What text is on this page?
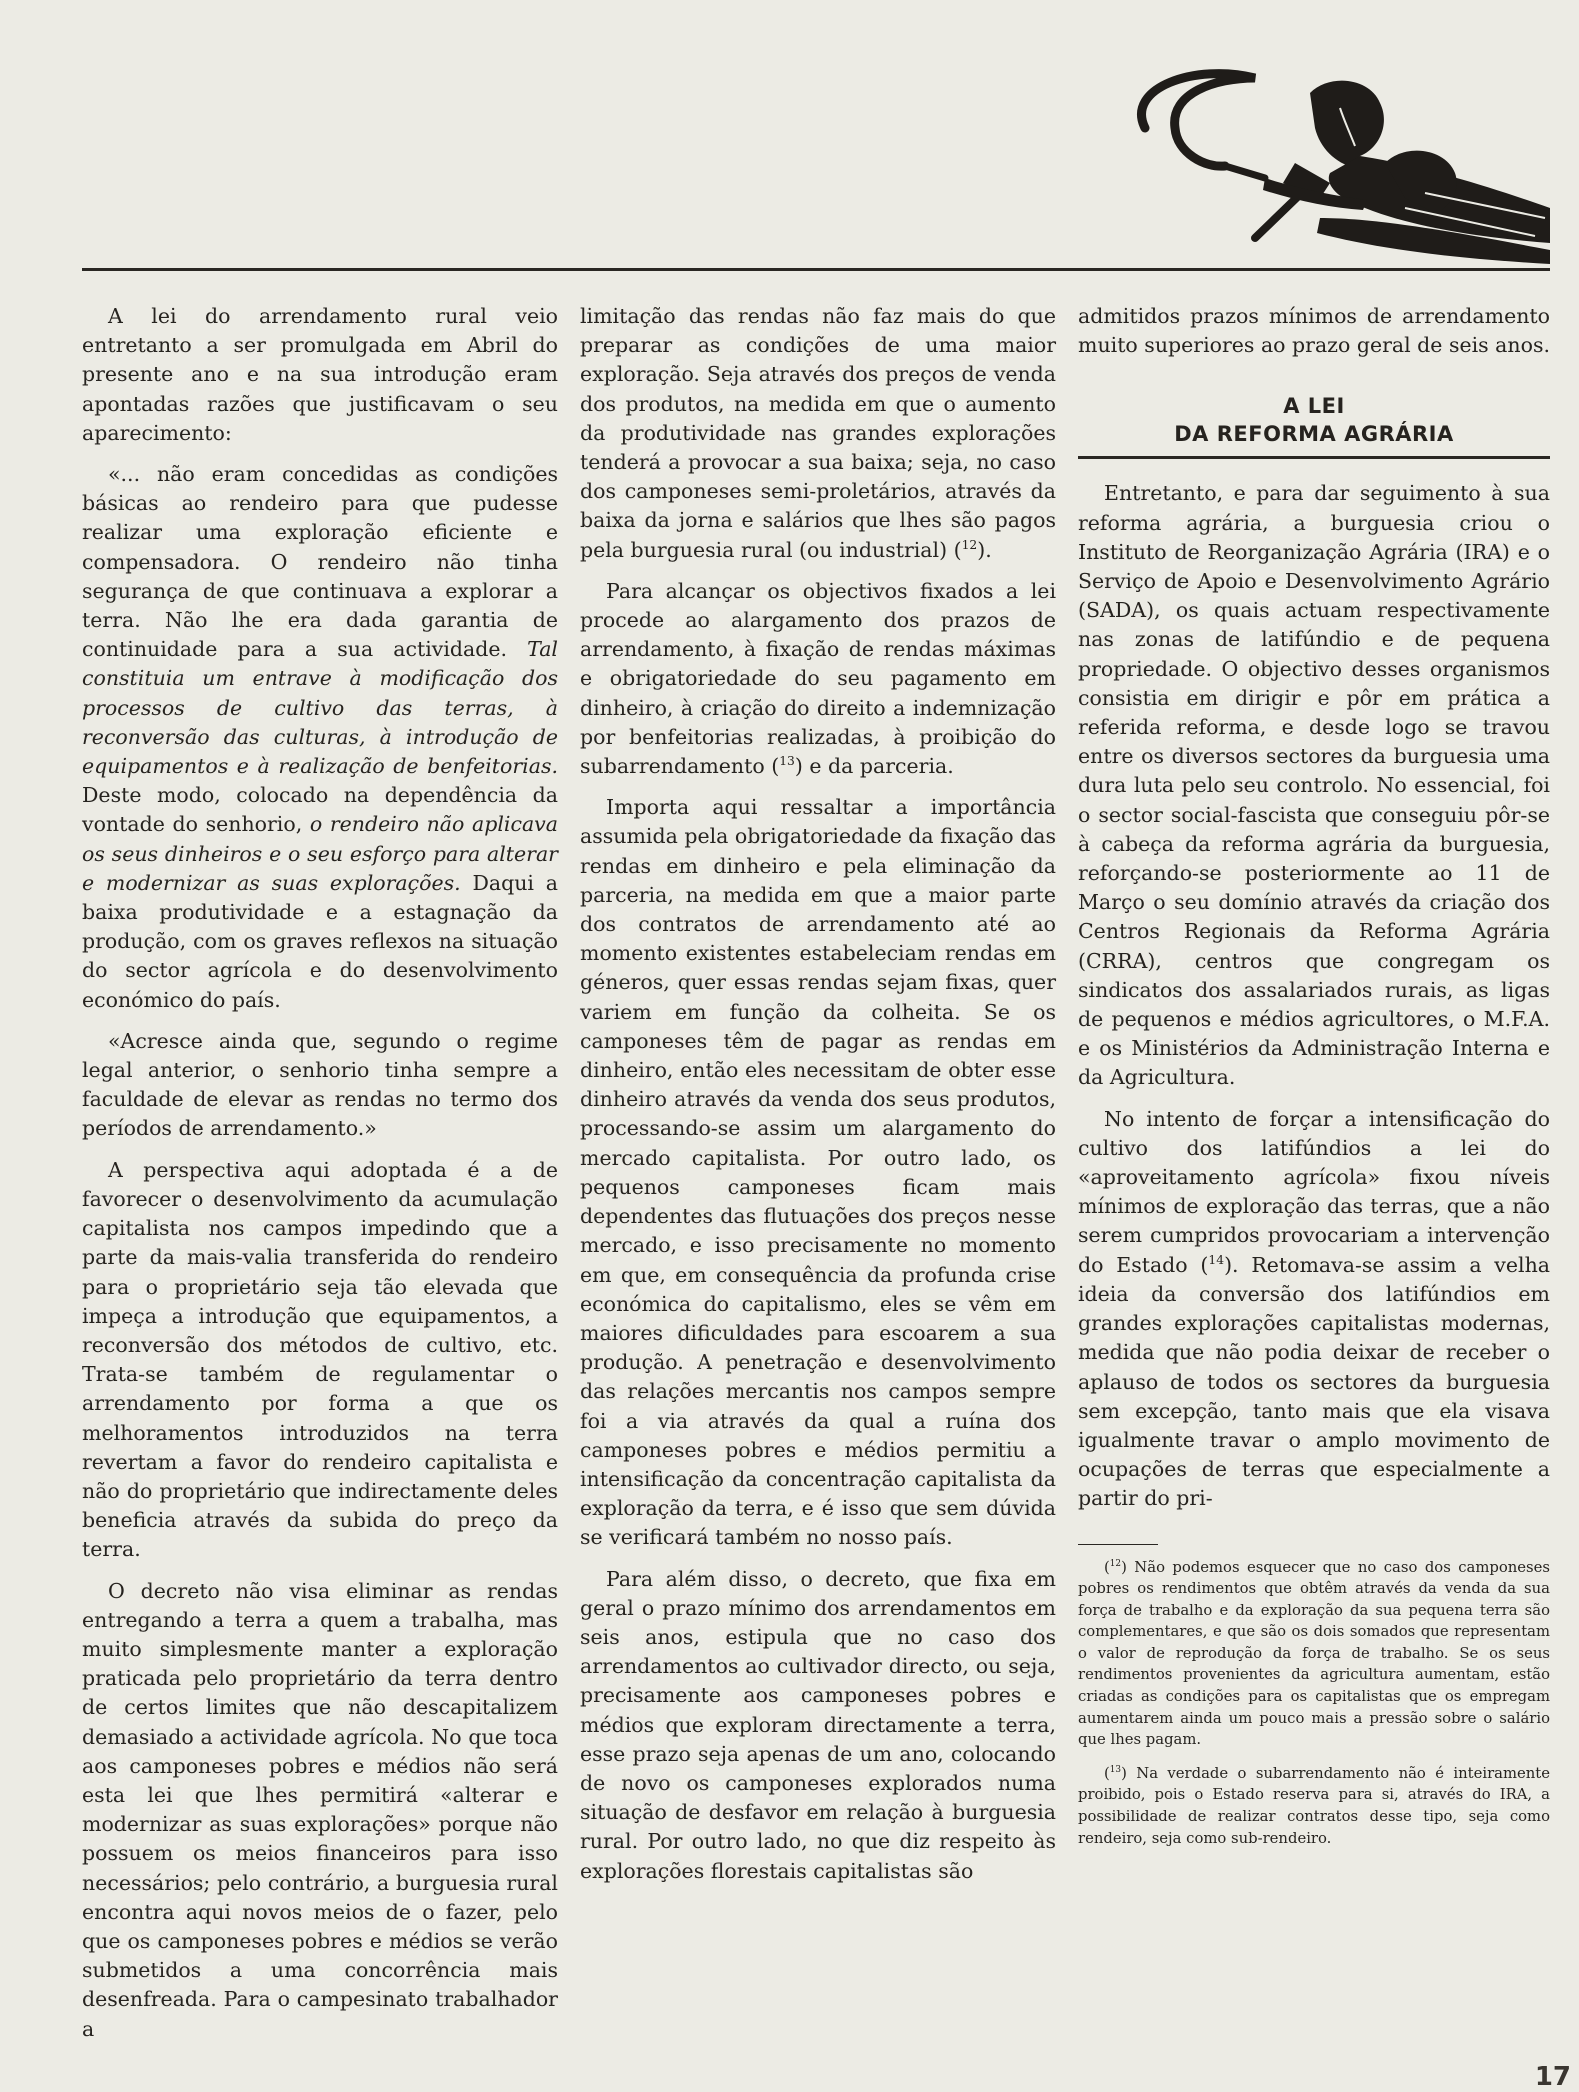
A lei do arrendamento rural veio entretanto a ser promulgada em Abril do presente ano e na sua introdução eram apontadas razões que justificavam o seu aparecimento:

«... não eram concedidas as condições básicas ao rendeiro para que pudesse realizar uma exploração eficiente e compensadora. O rendeiro não tinha segurança de que continuava a explorar a terra. Não lhe era dada garantia de continuidade para a sua actividade. Tal constituia um entrave à modificação dos processos de cultivo das terras, à reconversão das culturas, à introdução de equipamentos e à realização de benfeitorias. Deste modo, colocado na dependência da vontade do senhorio, o rendeiro não aplicava os seus dinheiros e o seu esforço para alterar e modernizar as suas explorações. Daqui a baixa produtividade e a estagnação da produção, com os graves reflexos na situação do sector agrícola e do desenvolvimento económico do país.

«Acresce ainda que, segundo o regime legal anterior, o senhorio tinha sempre a faculdade de elevar as rendas no termo dos períodos de arrendamento.»

A perspectiva aqui adoptada é a de favorecer o desenvolvimento da acumulação capitalista nos campos impedindo que a parte da mais-valia transferida do rendeiro para o proprietário seja tão elevada que impeça a introdução que equipamentos, a reconversão dos métodos de cultivo, etc. Trata-se também de regulamentar o arrendamento por forma a que os melhoramentos introduzidos na terra revertam a favor do rendeiro capitalista e não do proprietário que indirectamente deles beneficia através da subida do preço da terra.

O decreto não visa eliminar as rendas entregando a terra a quem a trabalha, mas muito simplesmente manter a exploração praticada pelo proprietário da terra dentro de certos limites que não descapitalizem demasiado a actividade agrícola. No que toca aos camponeses pobres e médios não será esta lei que lhes permitirá «alterar e modernizar as suas explorações» porque não possuem os meios financeiros para isso necessários; pelo contrário, a burguesia rural encontra aqui novos meios de o fazer, pelo que os camponeses pobres e médios se verão submetidos a uma concorrência mais desenfreada. Para o campesinato trabalhador a

limitação das rendas não faz mais do que preparar as condições de uma maior exploração. Seja através dos preços de venda dos produtos, na medida em que o aumento da produtividade nas grandes explorações tenderá a provocar a sua baixa; seja, no caso dos camponeses semi-proletários, através da baixa da jorna e salários que lhes são pagos pela burguesia rural (ou industrial) ($^{12}$).

Para alcançar os objectivos fixados a lei procede ao alargamento dos prazos de arrendamento, à fixação de rendas máximas e obrigatoriedade do seu pagamento em dinheiro, à criação do direito a indemnização por benfeitorias realizadas, à proibição do subarrendamento ($^{13}$) e da parceria.

Importa aqui ressaltar a importância assumida pela obrigatoriedade da fixação das rendas em dinheiro e pela eliminação da parceria, na medida em que a maior parte dos contratos de arrendamento até ao momento existentes estabeleciam rendas em géneros, quer essas rendas sejam fixas, quer variem em função da colheita. Se os camponeses têm de pagar as rendas em dinheiro, então eles necessitam de obter esse dinheiro através da venda dos seus produtos, processando-se assim um alargamento do mercado capitalista. Por outro lado, os pequenos camponeses ficam mais dependentes das flutuações dos preços nesse mercado, e isso precisamente no momento em que, em consequência da profunda crise económica do capitalismo, eles se vêm em maiores dificuldades para escoarem a sua produção. A penetração e desenvolvimento das relações mercantis nos campos sempre foi a via através da qual a ruína dos camponeses pobres e médios permitiu a intensificação da concentração capitalista da exploração da terra, e é isso que sem dúvida se verificará também no nosso país.

Para além disso, o decreto, que fixa em geral o prazo mínimo dos arrendamentos em seis anos, estipula que no caso dos arrendamentos ao cultivador directo, ou seja, precisamente aos camponeses pobres e médios que exploram directamente a terra, esse prazo seja apenas de um ano, colocando de novo os camponeses explorados numa situação de desfavor em relação à burguesia rural. Por outro lado, no que diz respeito às explorações florestais capitalistas são

admitidos prazos mínimos de arrendamento muito superiores ao prazo geral de seis anos.

A LEI
DA REFORMA AGRÁRIA

Entretanto, e para dar seguimento à sua reforma agrária, a burguesia criou o Instituto de Reorganização Agrária (IRA) e o Serviço de Apoio e Desenvolvimento Agrário (SADA), os quais actuam respectivamente nas zonas de latifúndio e de pequena propriedade. O objectivo desses organismos consistia em dirigir e pôr em prática a referida reforma, e desde logo se travou entre os diversos sectores da burguesia uma dura luta pelo seu controlo. No essencial, foi o sector social-fascista que conseguiu pôr-se à cabeça da reforma agrária da burguesia, reforçando-se posteriormente ao 11 de Março o seu domínio através da criação dos Centros Regionais da Reforma Agrária (CRRA), centros que congregam os sindicatos dos assalariados rurais, as ligas de pequenos e médios agricultores, o M.F.A. e os Ministérios da Administração Interna e da Agricultura.

No intento de forçar a intensificação do cultivo dos latifúndios a lei do «aproveitamento agrícola» fixou níveis mínimos de exploração das terras, que a não serem cumpridos provocariam a intervenção do Estado ($^{14}$). Retomava-se assim a velha ideia da conversão dos latifúndios em grandes explorações capitalistas modernas, medida que não podia deixar de receber o aplauso de todos os sectores da burguesia sem excepção, tanto mais que ela visava igualmente travar o amplo movimento de ocupações de terras que especialmente a partir do pri-

($^{12}$) Não podemos esquecer que no caso dos camponeses pobres os rendimentos que obtêm através da venda da sua força de trabalho e da exploração da sua pequena terra são complementares, e que são os dois somados que representam o valor de reprodução da força de trabalho. Se os seus rendimentos provenientes da agricultura aumentam, estão criadas as condições para os capitalistas que os empregam aumentarem ainda um pouco mais a pressão sobre o salário que lhes pagam.

($^{13}$) Na verdade o subarrendamento não é inteiramente proibido, pois o Estado reserva para si, através do IRA, a possibilidade de realizar contratos desse tipo, seja como rendeiro, seja como sub-rendeiro.

17
